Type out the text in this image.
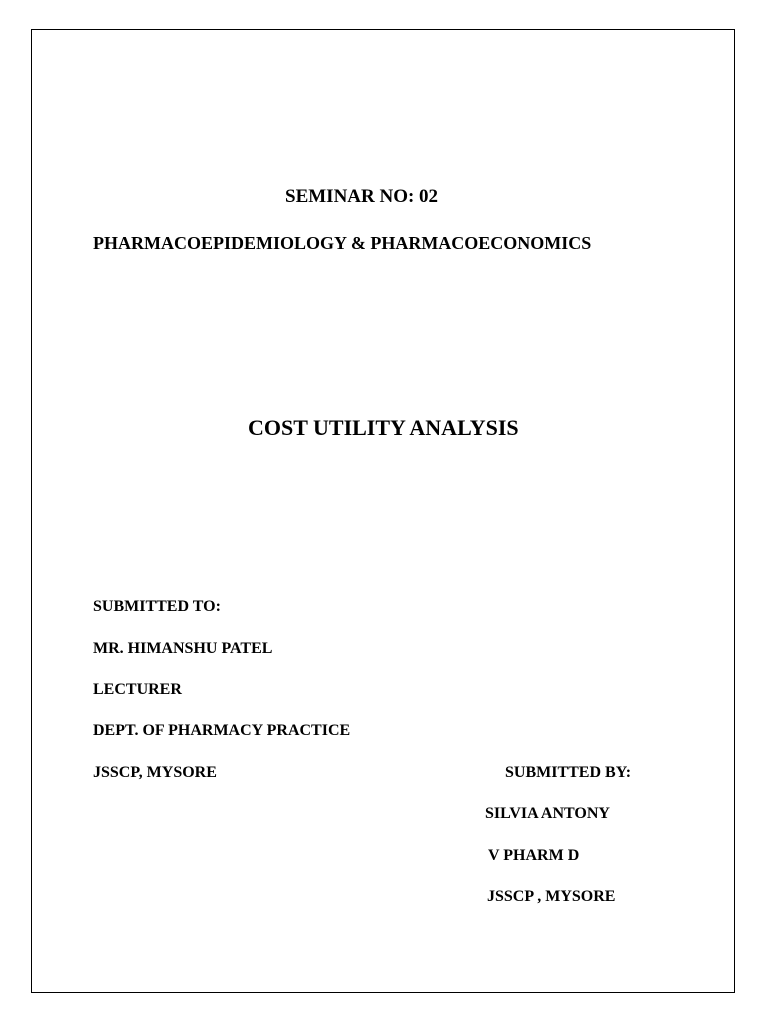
SEMINAR NO: 02
PHARMACOEPIDEMIOLOGY & PHARMACOECONOMICS
COST UTILITY ANALYSIS
SUBMITTED TO:
MR. HIMANSHU PATEL
LECTURER
DEPT. OF PHARMACY PRACTICE
JSSCP, MYSORE	SUBMITTED BY:
SILVIA ANTONY
V PHARM D
JSSCP , MYSORE
